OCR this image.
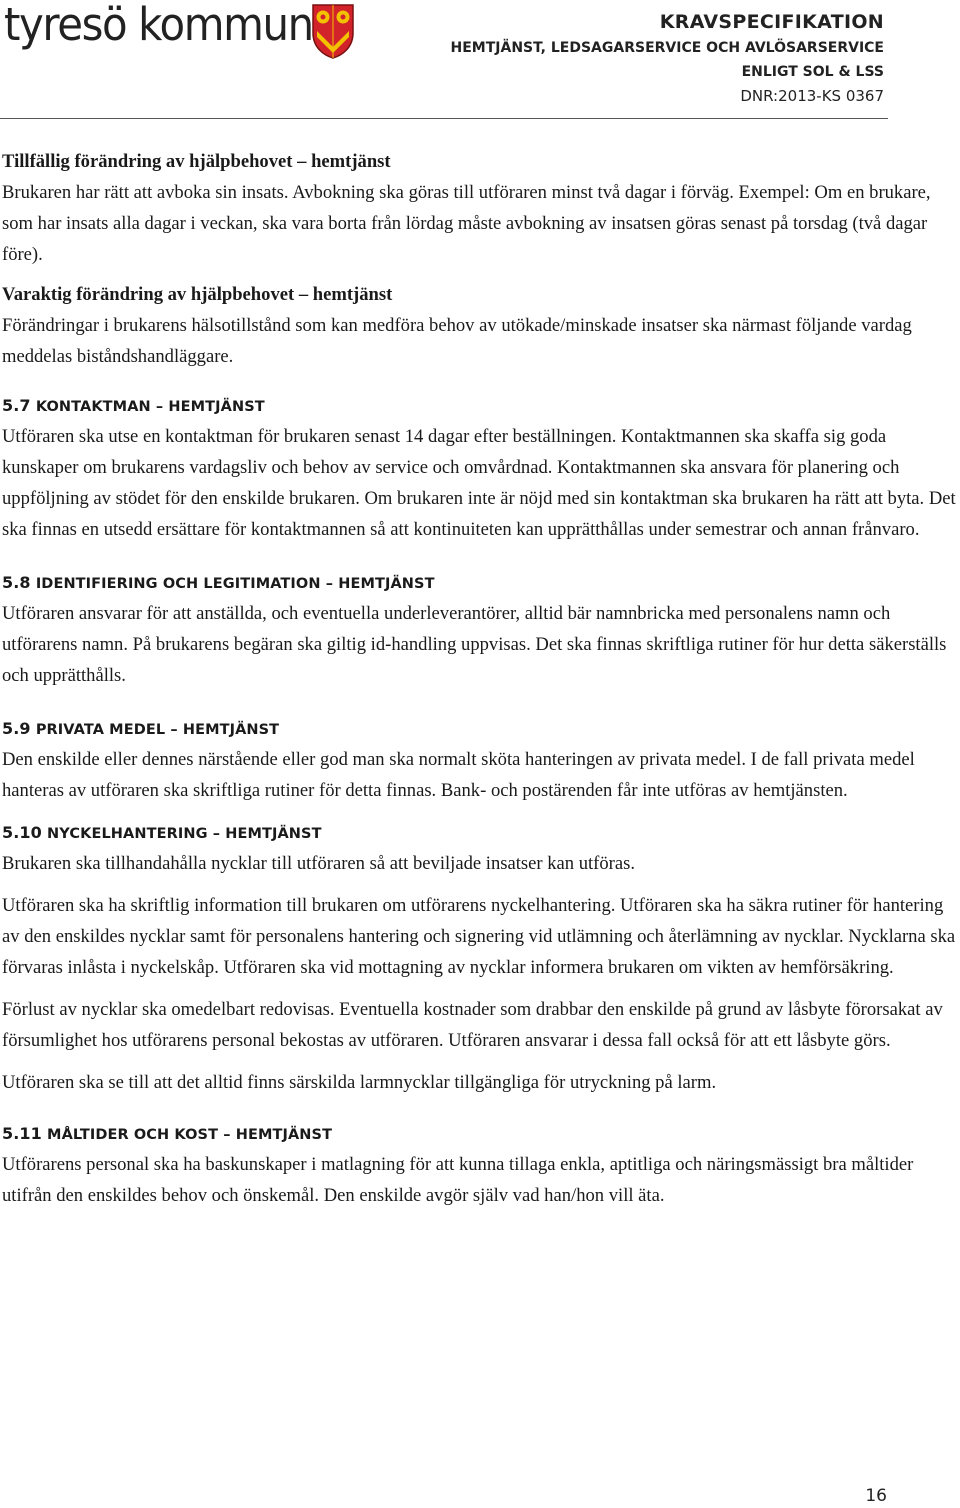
tyresö kommun	KRAVSPECIFIKATION
HEMTJÄNST, LEDSAGARSERVICE OCH AVLÖSARSERVICE
ENLIGT SOL & LSS
DNR:2013-KS 0367

Tillfällig förändring av hjälpbehovet – hemtjänst

Brukaren har rätt att avboka sin insats. Avbokning ska göras till utföraren minst två dagar i förväg. Exempel: Om en brukare, som har insats alla dagar i veckan, ska vara borta från lördag måste avbokning av insatsen göras senast på torsdag (två dagar före).

Varaktig förändring av hjälpbehovet – hemtjänst

Förändringar i brukarens hälsotillstånd som kan medföra behov av utökade/minskade insatser ska närmast följande vardag meddelas biståndshandläggare.

5.7 KONTAKTMAN – HEMTJÄNST

Utföraren ska utse en kontaktman för brukaren senast 14 dagar efter beställningen. Kontaktmannen ska skaffa sig goda kunskaper om brukarens vardagsliv och behov av service och omvårdnad. Kontaktmannen ska ansvara för planering och uppföljning av stödet för den enskilde brukaren. Om brukaren inte är nöjd med sin kontaktman ska brukaren ha rätt att byta. Det ska finnas en utsedd ersättare för kontaktmannen så att kontinuiteten kan upprätthållas under semestrar och annan frånvaro.

5.8 IDENTIFIERING OCH LEGITIMATION – HEMTJÄNST

Utföraren ansvarar för att anställda, och eventuella underleverantörer, alltid bär namnbricka med personalens namn och utförarens namn. På brukarens begäran ska giltig id-handling uppvisas. Det ska finnas skriftliga rutiner för hur detta säkerställs och upprätthålls.

5.9 PRIVATA MEDEL – HEMTJÄNST

Den enskilde eller dennes närstående eller god man ska normalt sköta hanteringen av privata medel. I de fall privata medel hanteras av utföraren ska skriftliga rutiner för detta finnas. Bank- och postärenden får inte utföras av hemtjänsten.

5.10 NYCKELHANTERING – HEMTJÄNST

Brukaren ska tillhandahålla nycklar till utföraren så att beviljade insatser kan utföras.

Utföraren ska ha skriftlig information till brukaren om utförarens nyckelhantering. Utföraren ska ha säkra rutiner för hantering av den enskildes nycklar samt för personalens hantering och signering vid utlämning och återlämning av nycklar. Nycklarna ska förvaras inlåsta i nyckelskåp. Utföraren ska vid mottagning av nycklar informera brukaren om vikten av hemförsäkring.

Förlust av nycklar ska omedelbart redovisas. Eventuella kostnader som drabbar den enskilde på grund av låsbyte förorsakat av försumlighet hos utförarens personal bekostas av utföraren. Utföraren ansvarar i dessa fall också för att ett låsbyte görs.

Utföraren ska se till att det alltid finns särskilda larmnycklar tillgängliga för utryckning på larm.

5.11 MÅLTIDER OCH KOST – HEMTJÄNST

Utförarens personal ska ha baskunskaper i matlagning för att kunna tillaga enkla, aptitliga och näringsmässigt bra måltider utifrån den enskildes behov och önskemål. Den enskilde avgör själv vad han/hon vill äta.

16
